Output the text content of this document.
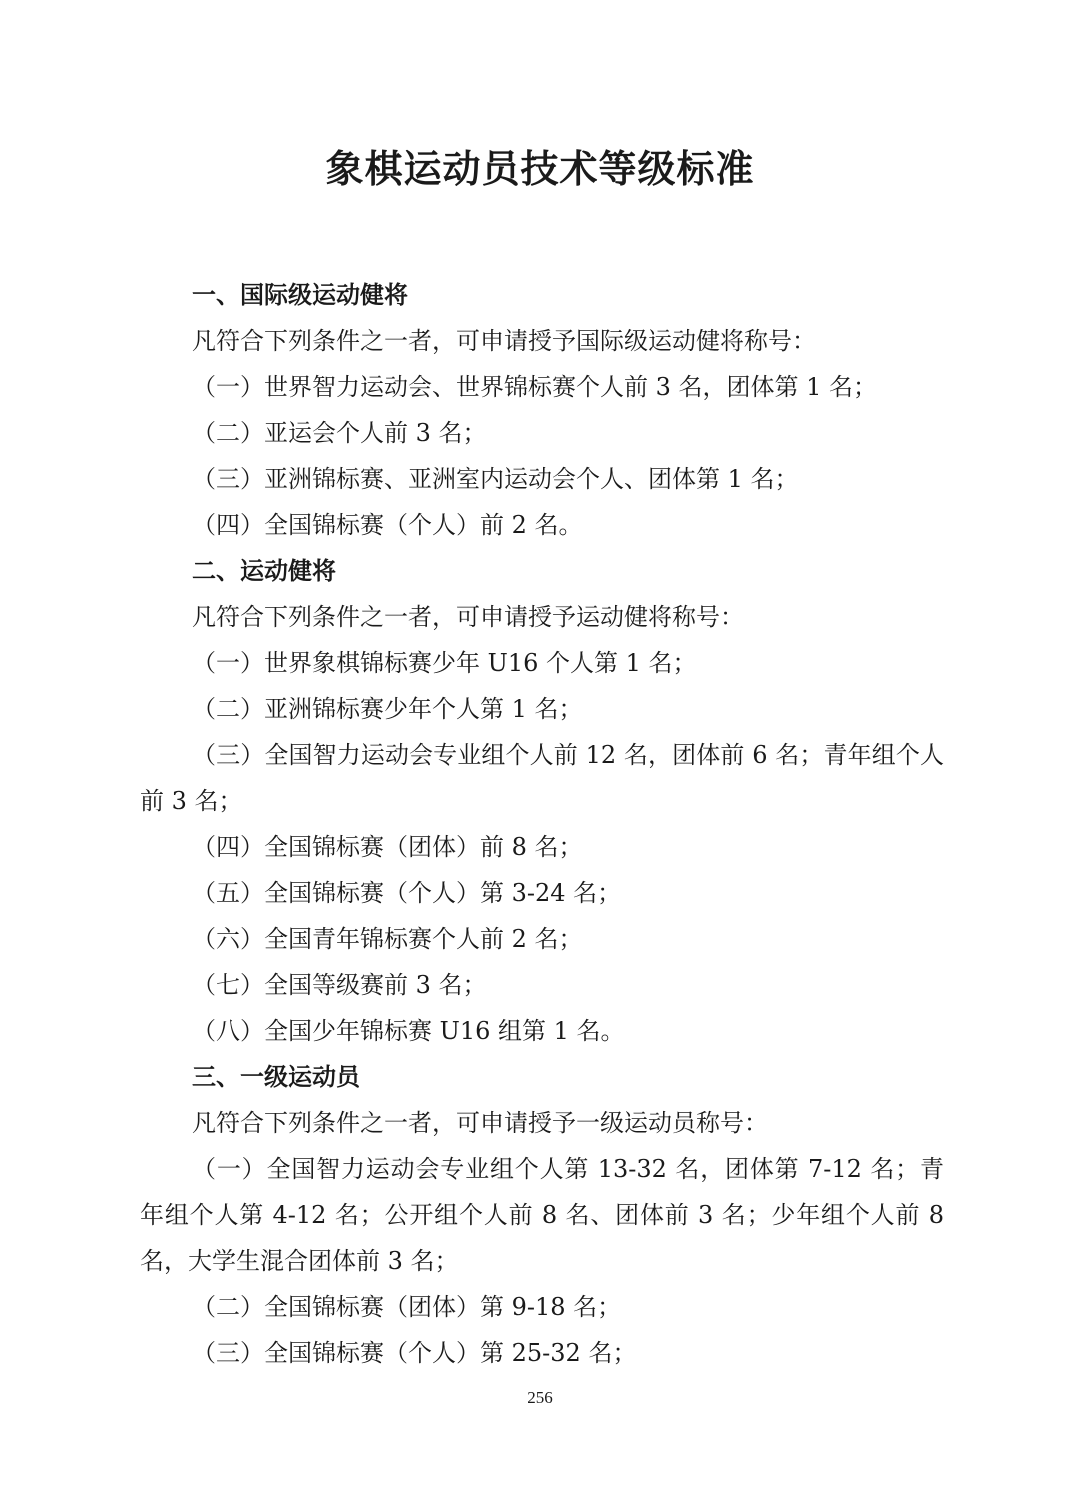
象棋运动员技术等级标准
一、国际级运动健将
凡符合下列条件之一者，可申请授予国际级运动健将称号：
（一）世界智力运动会、世界锦标赛个人前 3 名，团体第 1 名；
（二）亚运会个人前 3 名；
（三）亚洲锦标赛、亚洲室内运动会个人、团体第 1 名；
（四）全国锦标赛（个人）前 2 名。
二、运动健将
凡符合下列条件之一者，可申请授予运动健将称号：
（一）世界象棋锦标赛少年 U16 个人第 1 名；
（二）亚洲锦标赛少年个人第 1 名；
（三）全国智力运动会专业组个人前 12 名，团体前 6 名；青年组个人前 3 名；
（四）全国锦标赛（团体）前 8 名；
（五）全国锦标赛（个人）第 3-24 名；
（六）全国青年锦标赛个人前 2 名；
（七）全国等级赛前 3 名；
（八）全国少年锦标赛 U16 组第 1 名。
三、一级运动员
凡符合下列条件之一者，可申请授予一级运动员称号：
（一）全国智力运动会专业组个人第 13-32 名，团体第 7-12 名；青年组个人第 4-12 名；公开组个人前 8 名、团体前 3 名；少年组个人前 8 名，大学生混合团体前 3 名；
（二）全国锦标赛（团体）第 9-18 名；
（三）全国锦标赛（个人）第 25-32 名；
256
